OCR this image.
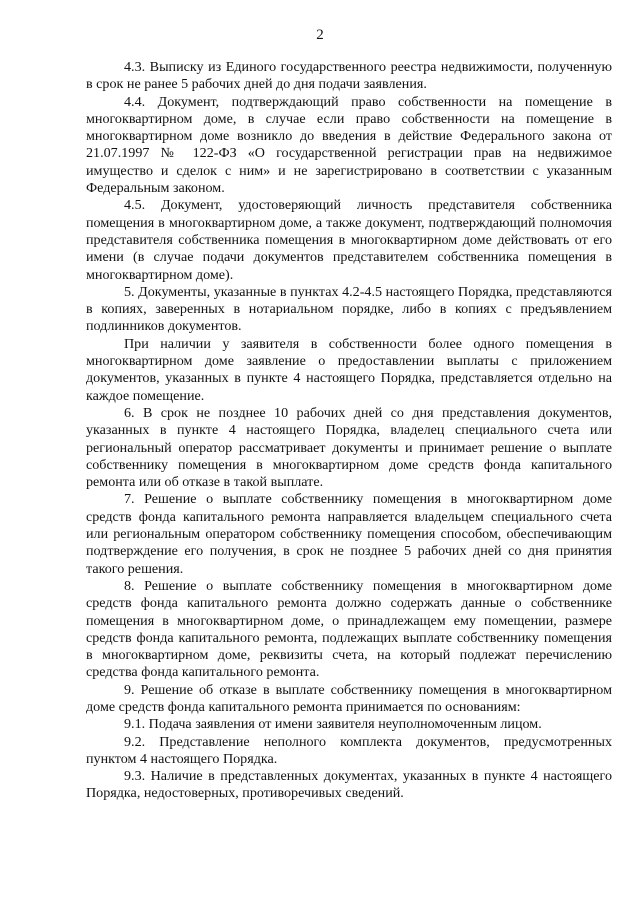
2

4.3. Выписку из Единого государственного реестра недвижимости, полученную в срок не ранее 5 рабочих дней до дня подачи заявления.

4.4. Документ, подтверждающий право собственности на помещение в многоквартирном доме, в случае если право собственности на помещение в многоквартирном доме возникло до введения в действие Федерального закона от 21.07.1997 № 122-ФЗ «О государственной регистрации прав на недвижимое имущество и сделок с ним» и не зарегистрировано в соответствии с указанным Федеральным законом.

4.5. Документ, удостоверяющий личность представителя собственника помещения в многоквартирном доме, а также документ, подтверждающий полномочия представителя собственника помещения в многоквартирном доме действовать от его имени (в случае подачи документов представителем собственника помещения в многоквартирном доме).

5. Документы, указанные в пунктах 4.2-4.5 настоящего Порядка, представляются в копиях, заверенных в нотариальном порядке, либо в копиях с предъявлением подлинников документов.

При наличии у заявителя в собственности более одного помещения в многоквартирном доме заявление о предоставлении выплаты с приложением документов, указанных в пункте 4 настоящего Порядка, представляется отдельно на каждое помещение.

6. В срок не позднее 10 рабочих дней со дня представления документов, указанных в пункте 4 настоящего Порядка, владелец специального счета или региональный оператор рассматривает документы и принимает решение о выплате собственнику помещения в многоквартирном доме средств фонда капитального ремонта или об отказе в такой выплате.

7. Решение о выплате собственнику помещения в многоквартирном доме средств фонда капитального ремонта направляется владельцем специального счета или региональным оператором собственнику помещения способом, обеспечивающим подтверждение его получения, в срок не позднее 5 рабочих дней со дня принятия такого решения.

8. Решение о выплате собственнику помещения в многоквартирном доме средств фонда капитального ремонта должно содержать данные о собственнике помещения в многоквартирном доме, о принадлежащем ему помещении, размере средств фонда капитального ремонта, подлежащих выплате собственнику помещения в многоквартирном доме, реквизиты счета, на который подлежат перечислению средства фонда капитального ремонта.

9. Решение об отказе в выплате собственнику помещения в многоквартирном доме средств фонда капитального ремонта принимается по основаниям:

9.1. Подача заявления от имени заявителя неуполномоченным лицом.

9.2. Представление неполного комплекта документов, предусмотренных пунктом 4 настоящего Порядка.

9.3. Наличие в представленных документах, указанных в пункте 4 настоящего Порядка, недостоверных, противоречивых сведений.
